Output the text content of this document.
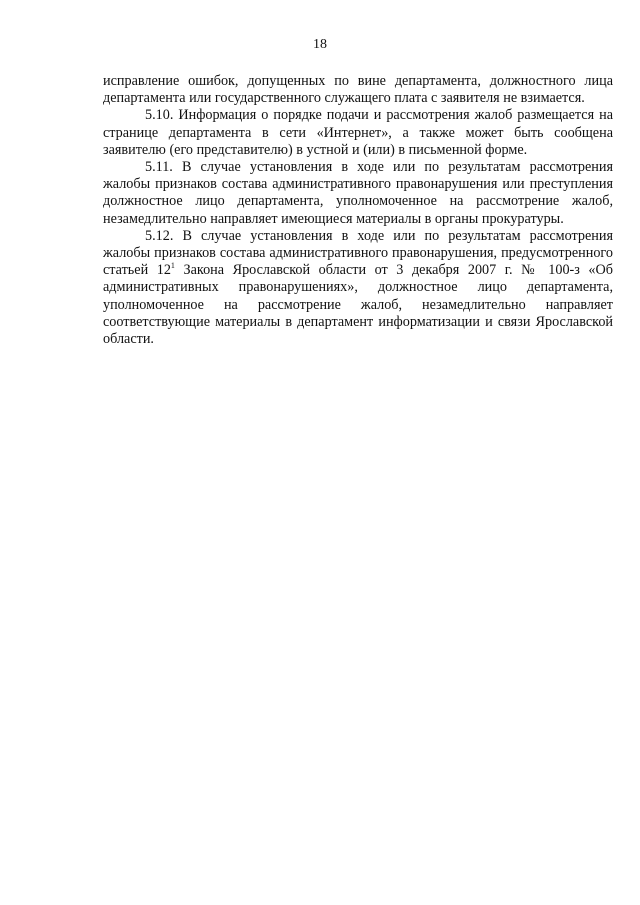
18

исправление ошибок, допущенных по вине департамента, должностного лица департамента или государственного служащего плата с заявителя не взимается.

5.10. Информация о порядке подачи и рассмотрения жалоб размещается на странице департамента в сети «Интернет», а также может быть сообщена заявителю (его представителю) в устной и (или) в письменной форме.

5.11. В случае установления в ходе или по результатам рассмотрения жалобы признаков состава административного правонарушения или преступления должностное лицо департамента, уполномоченное на рассмотрение жалоб, незамедлительно направляет имеющиеся материалы в органы прокуратуры.

5.12. В случае установления в ходе или по результатам рассмотрения жалобы признаков состава административного правонарушения, предусмотренного статьей $12^1$ Закона Ярославской области от 3 декабря 2007 г. № 100-з «Об административных правонарушениях», должностное лицо департамента, уполномоченное на рассмотрение жалоб, незамедлительно направляет соответствующие материалы в департамент информатизации и связи Ярославской области.
